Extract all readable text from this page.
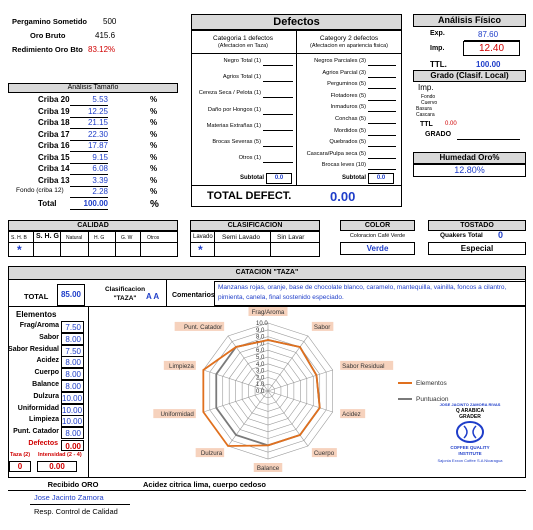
Pergamino Sometido 500
Oro Bruto	415.6
Redimiento Oro Bto 83.12%
Análisis Tamaño
Defectos
Categoria 1 defectos
(Afectacion en Taza)
Category 2 defectos
(Afectacion en apariencia fisica)
Subtotal	0.0	Subtotal	0.0
TOTAL DEFECT.	0.00
Análisis Físico
Exp.	87.60
Imp.	12.40
TTL.	100.00
Grado (Clasif. Local)
Imp.
Fondo
Cuervo
Basura
Cascara
TTL 0.00
GRADO
Humedad Oro%
12.80%
CALIDAD
*
CLASIFICACION
Lavado Semi Lavado	Sin Lavar
*
COLOR
Coloracion Café Verde
Verde
TOSTADO
Quakers Total 0
Especial
CATACION "TAZA"
TOTAL	85.00
Clasificacion "TAZA"	A A Comentarios
Manzanas rojas, oranje, base de chocolate blanco, caramelo, mantequilla, vainilla, foncos a cilantro, pimienta, canela, final sostenido especiado.
Elementos
Defectos 0.00
Taza (2) Intensidad (2 - 4)
0	0.00
0.0
1.0
2.0
3.0
4.0
5.0
6.0
7.0
8.0
9.0
10.0
Frag/Aroma
Sabor
Sabor Residual
Acidez
Cuerpo
Balance
Dulzura
Uniformidad
Limpieza
Punt. Catador
Elementos
Puntuacion
JOSE JACINTO ZAMORA RIVAS
Q ARABICA
GRADER
COFFEE QUALITY
INSTITUTE
Sajonia Exxon Coffee S.A Nicaragua
Recibido ORO	Acidez citrica lima, cuerpo cedoso
Jose Jacinto Zamora
Resp. Control de Calidad
Criba 20	5.53	%
Criba 19	12.25	%
Criba 18	21.15	%
Criba 17	22.30	%
Criba 16	17.87	%
Criba 15	9.15	%
Criba 14	6.08	%
Criba 13	3.39	%
Fondo (criba 12)	2.28	%
Total	100.00	%
Negro Total (1)
Agrios Total (1)
Cereza Seca / Pelota (1)
Daño por Hongos (1)
Materias Extrañas (1)
Brocas Severas (5)
Otros (1)
Negros Parciales (3)
Agrios Parcial (3)
Perguminos (5)
Flotadores (5)
Inmaduros (5)
Conchas (5)
Mordidos (5)
Quebrados (5)
Cascara/Pulpa seca (5)
Brocas leves (10)
S. H. B S. H. G Natural H. G	G. W	Otros
Frag/Aroma 7.50
Sabor 8.00
Sabor Residual 7.50
Acidez 8.00
Cuerpo 8.00
Balance 8.00
Dulzura 10.00
Uniformidad 10.00
Limpieza 10.00
Punt. Catador 8.00
